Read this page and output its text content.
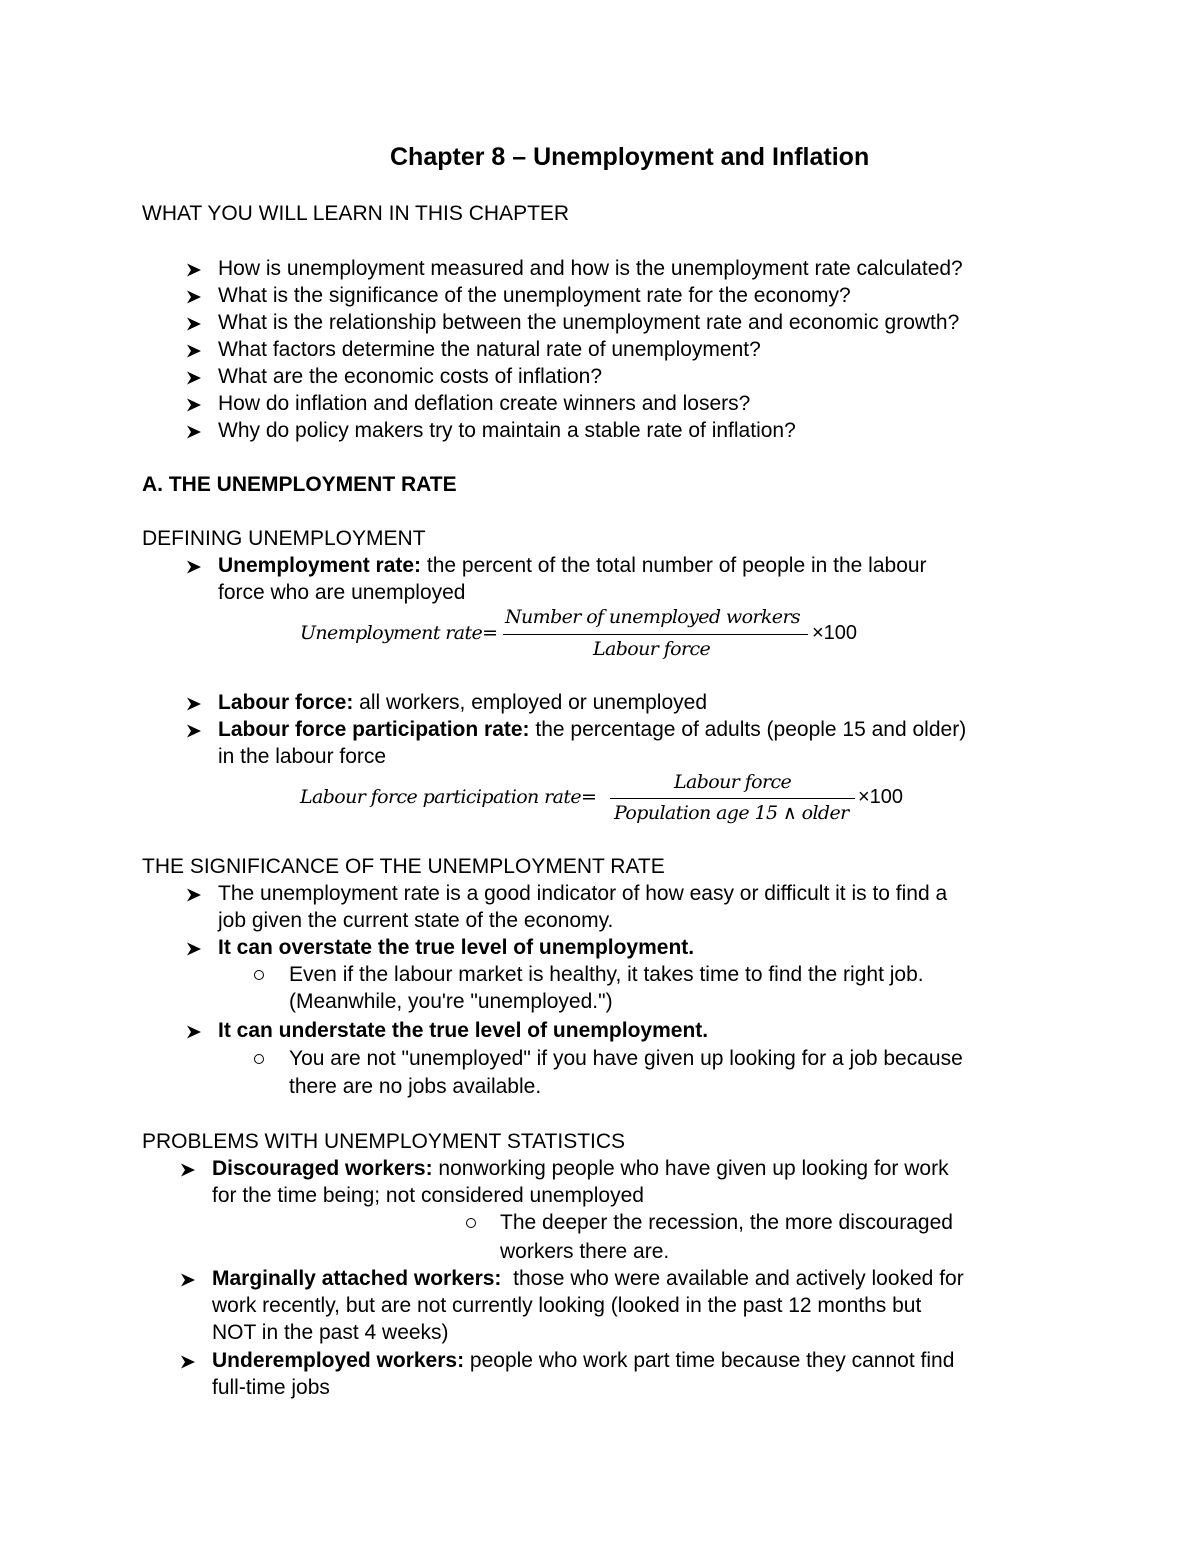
Chapter 8 – Unemployment and Inflation
WHAT YOU WILL LEARN IN THIS CHAPTER
How is unemployment measured and how is the unemployment rate calculated?
What is the significance of the unemployment rate for the economy?
What is the relationship between the unemployment rate and economic growth?
What factors determine the natural rate of unemployment?
What are the economic costs of inflation?
How do inflation and deflation create winners and losers?
Why do policy makers try to maintain a stable rate of inflation?
A. THE UNEMPLOYMENT RATE
DEFINING UNEMPLOYMENT
Unemployment rate: the percent of the total number of people in the labour
force who are unemployed
Unemployment rate=
Number of unemployed workers
Labour force
×100
Labour force: all workers, employed or unemployed
Labour force participation rate: the percentage of adults (people 15 and older)
in the labour force
Labour force participation rate=
Labour force
Population age 15 ∧ older
×100
THE SIGNIFICANCE OF THE UNEMPLOYMENT RATE
The unemployment rate is a good indicator of how easy or difficult it is to find a
job given the current state of the economy.
It can overstate the true level of unemployment.
Even if the labour market is healthy, it takes time to find the right job.
(Meanwhile, you're "unemployed.")
It can understate the true level of unemployment.
You are not "unemployed" if you have given up looking for a job because
there are no jobs available.
PROBLEMS WITH UNEMPLOYMENT STATISTICS
Discouraged workers: nonworking people who have given up looking for work
for the time being; not considered unemployed
The deeper the recession, the more discouraged
workers there are.
Marginally attached workers:  those who were available and actively looked for
work recently, but are not currently looking (looked in the past 12 months but
NOT in the past 4 weeks)
Underemployed workers: people who work part time because they cannot find
full-time jobs
